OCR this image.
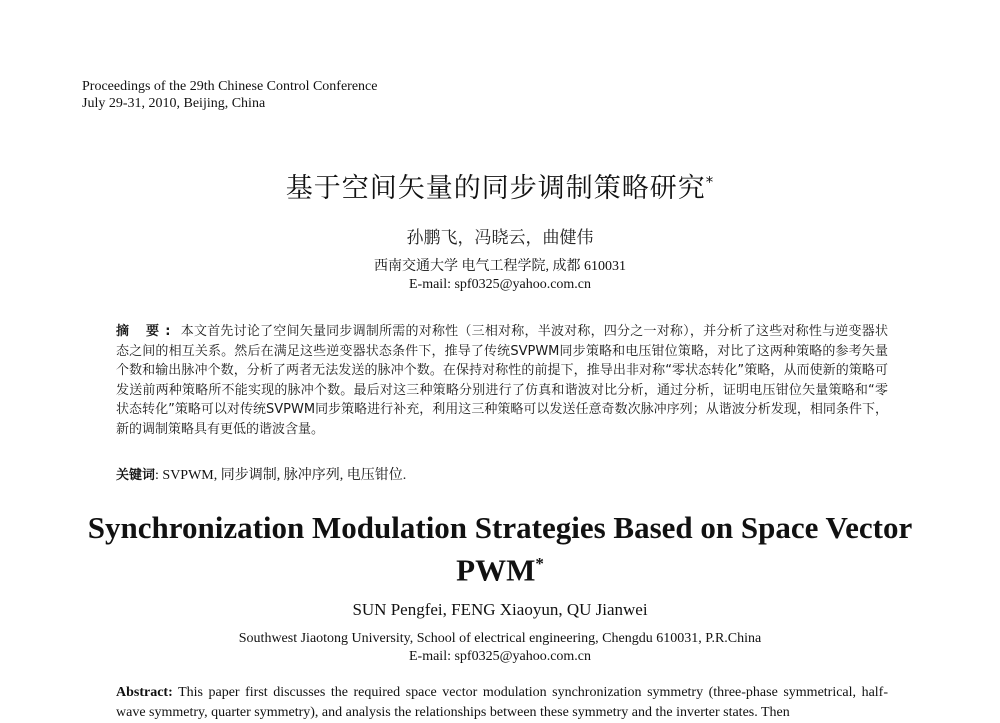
Proceedings of the 29th Chinese Control Conference
July 29-31, 2010, Beijing, China
基于空间矢量的同步调制策略研究*
孙鹏飞，冯晓云，曲健伟
西南交通大学 电气工程学院, 成都 610031
E-mail: spf0325@yahoo.com.cn
摘 要: 本文首先讨论了空间矢量同步调制所需的对称性（三相对称，半波对称，四分之一对称），并分析了这些对称性与逆变器状态之间的相互关系。然后在满足这些逆变器状态条件下，推导了传统SVPWM同步策略和电压钳位策略，对比了这两种策略的参考矢量个数和输出脉冲个数，分析了两者无法发送的脉冲个数。在保持对称性的前提下，推导出非对称“零状态转化”策略，从而使新的策略可发送前两种策略所不能实现的脉冲个数。最后对这三种策略分别进行了仿真和谐波对比分析，通过分析，证明电压钳位矢量策略和“零状态转化”策略可以对传统SVPWM同步策略进行补充，利用这三种策略可以发送任意奇数次脉冲序列；从谐波分析发现，相同条件下，新的调制策略具有更低的谐波含量。
关键词: SVPWM, 同步调制, 脉冲序列, 电压钳位.
Synchronization Modulation Strategies Based on Space Vector
PWM*
SUN Pengfei, FENG Xiaoyun, QU Jianwei
Southwest Jiaotong University, School of electrical engineering, Chengdu 610031, P.R.China
E-mail: spf0325@yahoo.com.cn
Abstract: This paper first discusses the required space vector modulation synchronization symmetry (three-phase symmetrical, half-wave symmetry, quarter symmetry), and analysis the relationships between these symmetry and the inverter states. Then
